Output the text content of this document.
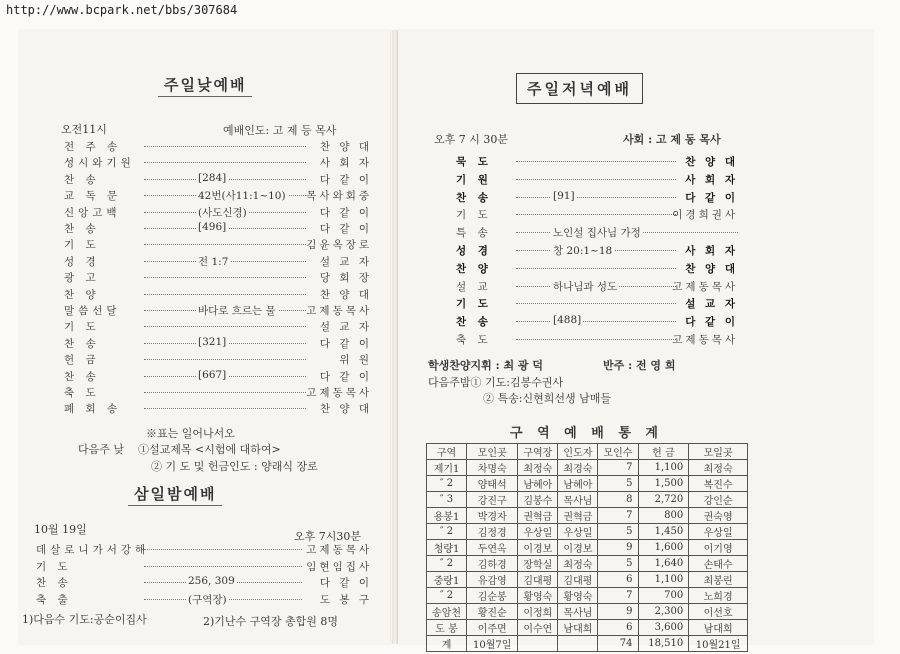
http://www.bcpark.net/bbs/307684
주일낮예배
오전11시	예배인도: 고 제 등 목사
전 주 송	찬 양 대
성시와기원	사 회 자
찬 송	[284]	다 같 이
교 독 문	42번(사11:1~10) 목사와회중
신앙고백	(사도신경)	다 같 이
찬 송	[496]	다 같 이
기 도	김윤옥장로
성 경	전 1:7	설 교 자
광 고	당 회 장
찬 양	찬 양 대
말씀선달	바다로 흐르는 물	고제동목사
기 도	설 교 자
찬 송	[321]	다 같 이
헌 금	위 원
찬 송	[667]	다 같 이
축 도	고제동목사
폐 회 송	찬 양 대
※표는 일어나서오
다음주 낮 ①설교제목 <시험에 대하여>
② 기 도 및 헌금인도 : 양래식 장로
삼일밤예배
10월 19일
오후 7시30분
데살로니가서강해	고제동목사
기 도	임현임집사
찬 송	256, 309	다 같 이
축 출	(구역장)	도 봉 구
1)다음수 기도:공순이집사	2)기난수 구역장 총합원 8명
주일저녁예배
오후 7 시 30분	사회 : 고 제 동 목사
묵 도	찬 양 대
기 원	사 회 자
찬 송	[91]	다 같 이
기 도	이경희권사
특 송	노인설 집사님 가정
성 경	창 20:1~18	사 회 자
찬 양	찬 양 대
설 교	하나님과 성도	고제동목사
기 도	설 교 자
찬 송	[488]	다 같 이
축 도	고제동목사
학생찬양지휘 : 최 광 덕	반주 : 전 영 희
다음주밤① 기도:김봉수권사
② 특송:신현희선생 남매들
구 역 예 배 통 계
구역	모인곳	구역장	인도자	모인수	헌 금	모일곳
제기1	차명숙	최정숙	최경숙	7	1,100	최정숙
″ 2	양태석	남혜아	남혜아	5	1,500	복진수
″ 3	강진구	김봉수	목사님	8	2,720	강인순
용봉1	박경자	권혁금	권혁금	7	800	권숙영
″ 2	김정경	우상일	우상일	5	1,450	우상일
청량1	두연옥	이경보	이경보	9	1,600	이기영
″ 2	김하경	장학실	최정숙	5	1,640	손태수
중랑1	유감영	김대평	김대평	6	1,100	최봉린
″ 2	김순봉	황영숙	황영숙	7	700	노희경
송암천	황진순	이정희	목사님	9	2,300	이선호
도 봉	이주면	이수연	남대희	6	3,600	남대희
계	10월7일			74	18,510	10월21일
